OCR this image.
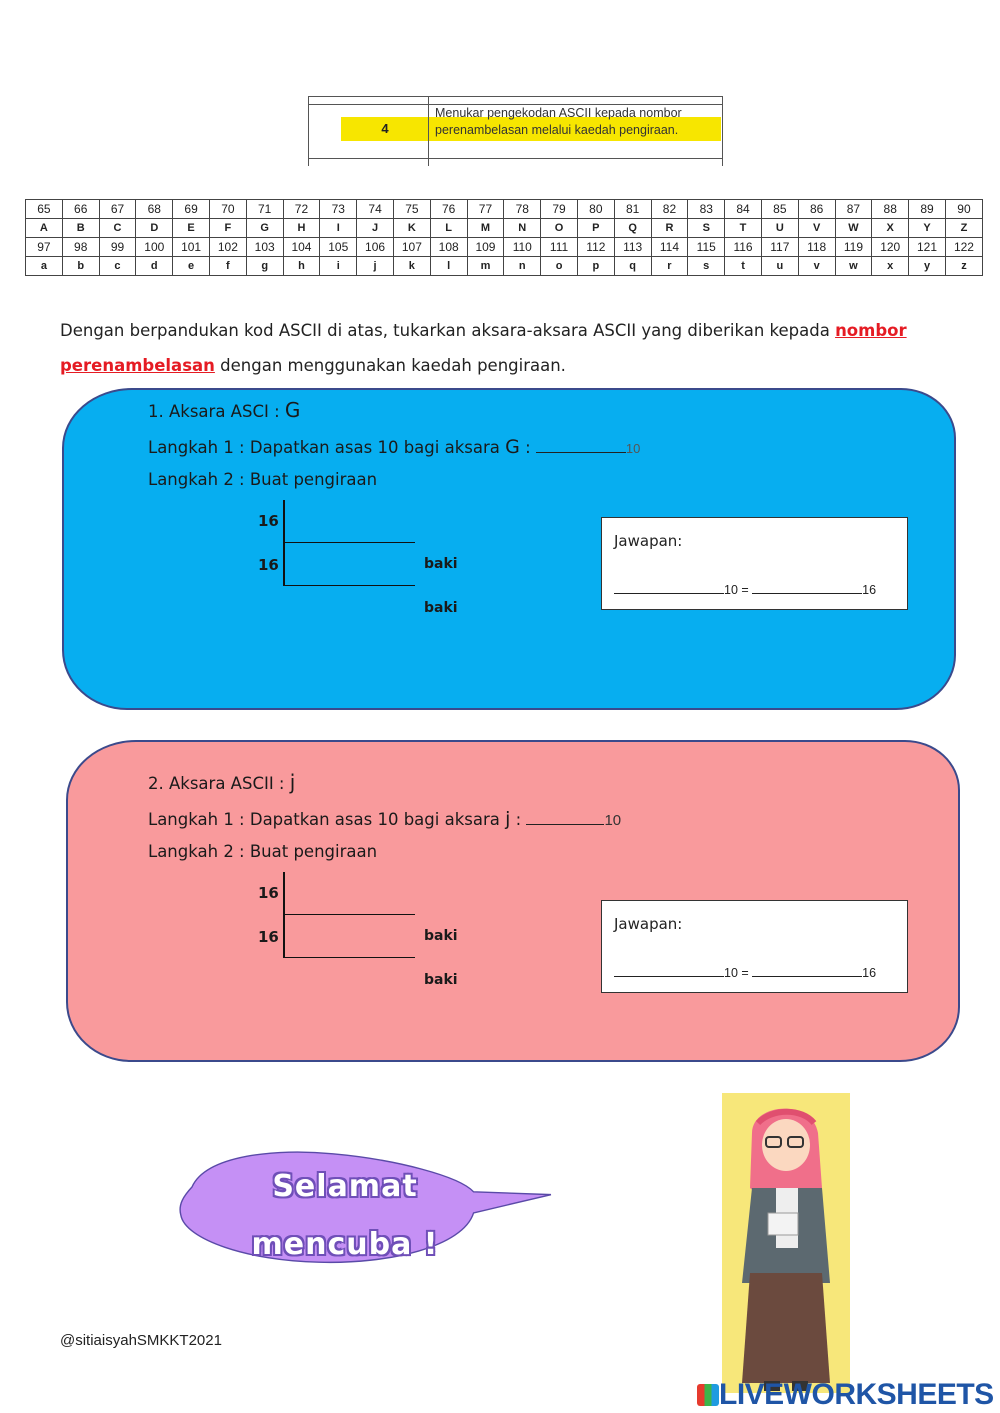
4
Menukar pengekodan ASCII kepada nombor perenambelasan melalui kaedah pengiraan.
65	66	67	68	69	70	71	72	73	74	75	76	77	78	79	80	81	82	83	84	85	86	87	88	89	90
A	B	C	D	E	F	G	H	I	J	K	L	M	N	O	P	Q	R	S	T	U	V	W	X	Y	Z
97	98	99	100	101	102	103	104	105	106	107	108	109	110	111	112	113	114	115	116	117	118	119	120	121	122
a	b	c	d	e	f	g	h	i	j	k	l	m	n	o	p	q	r	s	t	u	v	w	x	y	z
Dengan berpandukan kod ASCII di atas, tukarkan aksara-aksara ASCII yang diberikan kepada nombor perenambelasan dengan menggunakan kaedah pengiraan.
1. Aksara ASCI : G
Langkah 1 : Dapatkan asas 10 bagi aksara G :	10
Langkah 2 : Buat pengiraan
16
16	baki
baki
Jawapan:
10 =	16
2. Aksara ASCII : j
Langkah 1 : Dapatkan asas 10 bagi aksara j :	10
Langkah 2 : Buat pengiraan
16
16	baki
baki
Jawapan:
10 =	16
Selamat
mencuba !
@sitiaisyahSMKKT2021
LIVEWORKSHEETS
